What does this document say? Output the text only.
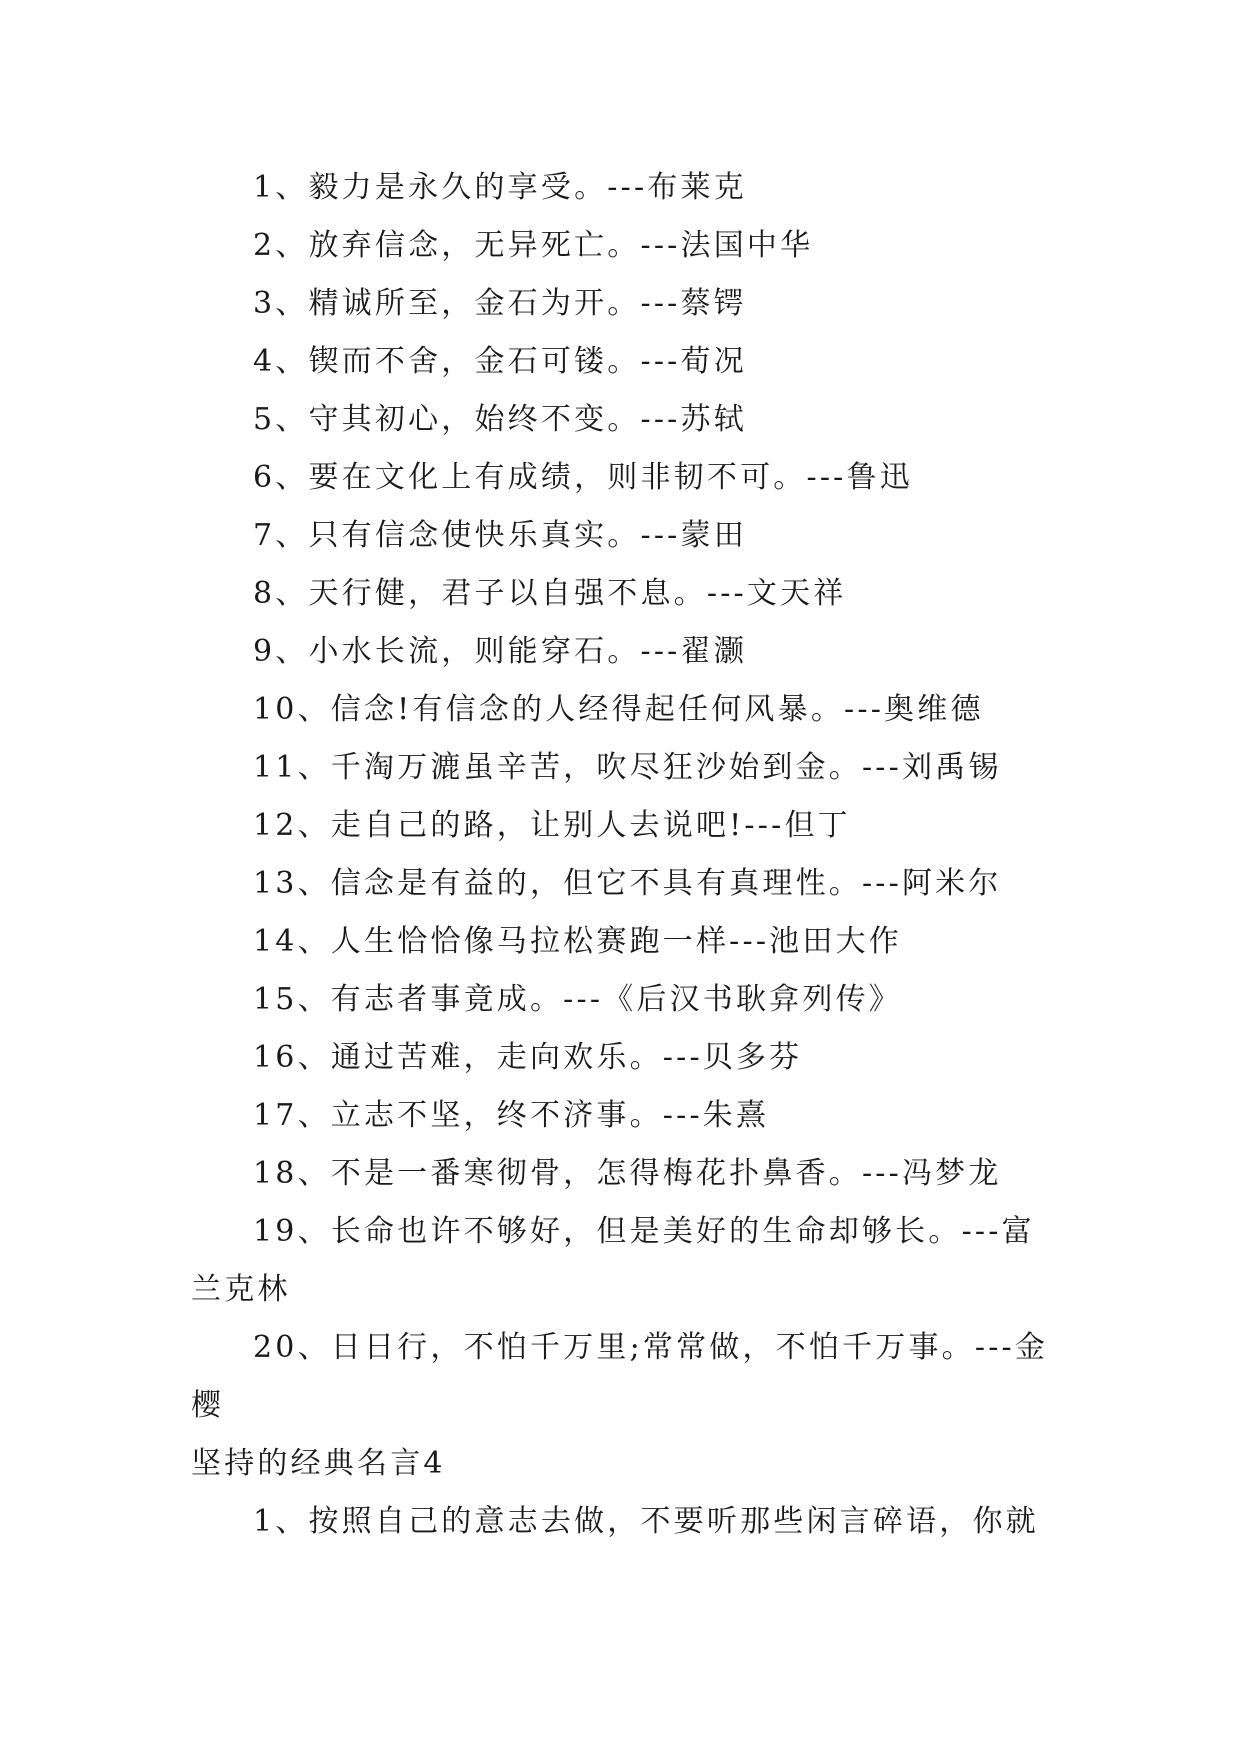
1、毅力是永久的享受。---布莱克

2、放弃信念，无异死亡。---法国中华

3、精诚所至，金石为开。---蔡锷

4、锲而不舍，金石可镂。---荀况

5、守其初心，始终不变。---苏轼

6、要在文化上有成绩，则非韧不可。---鲁迅

7、只有信念使快乐真实。---蒙田

8、天行健，君子以自强不息。---文天祥

9、小水长流，则能穿石。---翟灏

10、信念!有信念的人经得起任何风暴。---奥维德

11、千淘万漉虽辛苦，吹尽狂沙始到金。---刘禹锡

12、走自己的路，让别人去说吧!---但丁

13、信念是有益的，但它不具有真理性。---阿米尔

14、人生恰恰像马拉松赛跑一样---池田大作

15、有志者事竟成。---《后汉书耿弇列传》

16、通过苦难，走向欢乐。---贝多芬

17、立志不坚，终不济事。---朱熹

18、不是一番寒彻骨，怎得梅花扑鼻香。---冯梦龙

19、长命也许不够好，但是美好的生命却够长。---富兰克林

20、日日行，不怕千万里;常常做，不怕千万事。---金樱

坚持的经典名言4

1、按照自己的意志去做，不要听那些闲言碎语，你就
